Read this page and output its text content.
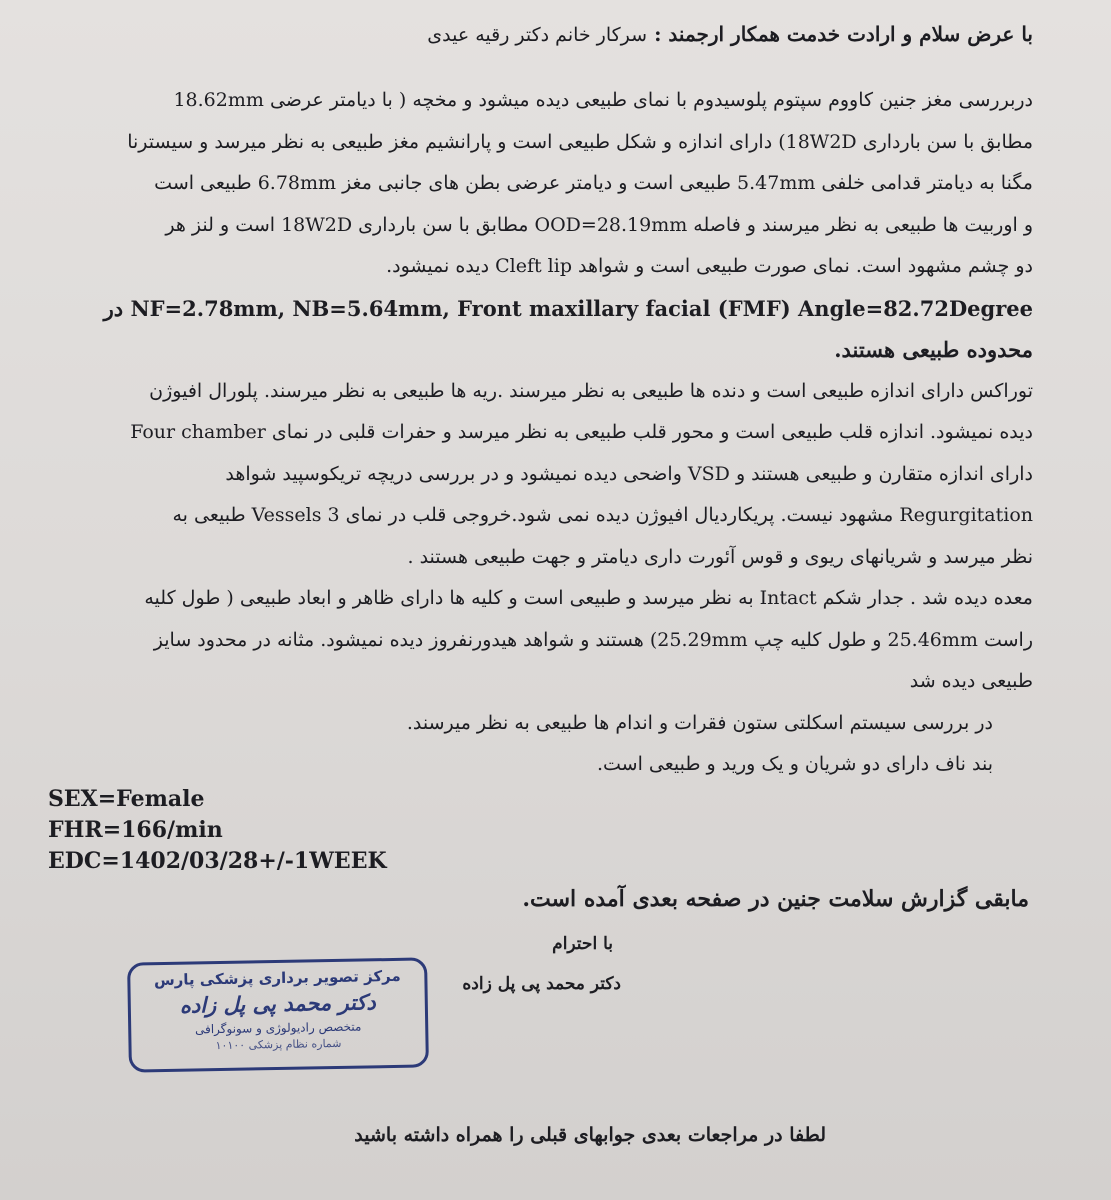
با عرض سلام و ارادت خدمت همکار ارجمند : سرکار خانم دکتر رقیه عیدی

دربررسی مغز جنین کاووم سپتوم پلوسیدوم با نمای طبیعی دیده میشود و مخچه ( با دیامتر عرضی 18.62mm

مطابق با سن بارداری 18W2D) دارای اندازه و شکل طبیعی است و پارانشیم مغز طبیعی به نظر میرسد و سیسترنا

مگنا به دیامتر قدامی خلفی 5.47mm طبیعی است و دیامتر عرضی بطن های جانبی مغز 6.78mm طبیعی است

و اوربیت ها طبیعی به نظر میرسند و فاصله OOD=28.19mm مطابق با سن بارداری 18W2D است و لنز هر

دو چشم مشهود است. نمای صورت طبیعی است و شواهد Cleft lip دیده نمیشود.

NF=2.78mm, NB=5.64mm, Front maxillary facial (FMF) Angle=82.72Degree در

محدوده طبیعی هستند.

توراکس دارای اندازه طبیعی است و دنده ها طبیعی به نظر میرسند .ریه ها طبیعی به نظر میرسند. پلورال افیوژن

دیده نمیشود. اندازه قلب طبیعی است و محور قلب طبیعی به نظر میرسد و حفرات قلبی در نمای Four chamber

دارای اندازه متقارن و طبیعی هستند و VSD واضحی دیده نمیشود و در بررسی دریچه تریکوسپید شواهد

Regurgitation مشهود نیست. پریکاردیال افیوژن دیده نمی شود.خروجی قلب در نمای 3 Vessels طبیعی به

نظر میرسد و شریانهای ریوی و قوس آئورت داری دیامتر و جهت طبیعی هستند .

معده دیده شد . جدار شکم Intact به نظر میرسد و طبیعی است و کلیه ها دارای ظاهر و ابعاد طبیعی ( طول کلیه

راست 25.46mm و طول کلیه چپ 25.29mm) هستند و شواهد هیدورنفروز دیده نمیشود. مثانه در محدود سایز

طبیعی دیده شد

در بررسی سیستم اسکلتی ستون فقرات و اندام ها طبیعی به نظر میرسند.

بند ناف دارای دو شریان و یک ورید و طبیعی است.

SEX=Female
FHR=166/min
EDC=1402/03/28+/-1WEEK
مابقی گزارش سلامت جنین در صفحه بعدی آمده است.
با احترام
دکتر محمد پی پل زاده
مرکز تصویر برداری پزشکی پارس
دکتر محمد پی پل زاده
متخصص رادیولوژی و سونوگرافی
شماره نظام پزشکی ۱۰۱۰۰
لطفا در مراجعات بعدی جوابهای قبلی را همراه داشته باشید
